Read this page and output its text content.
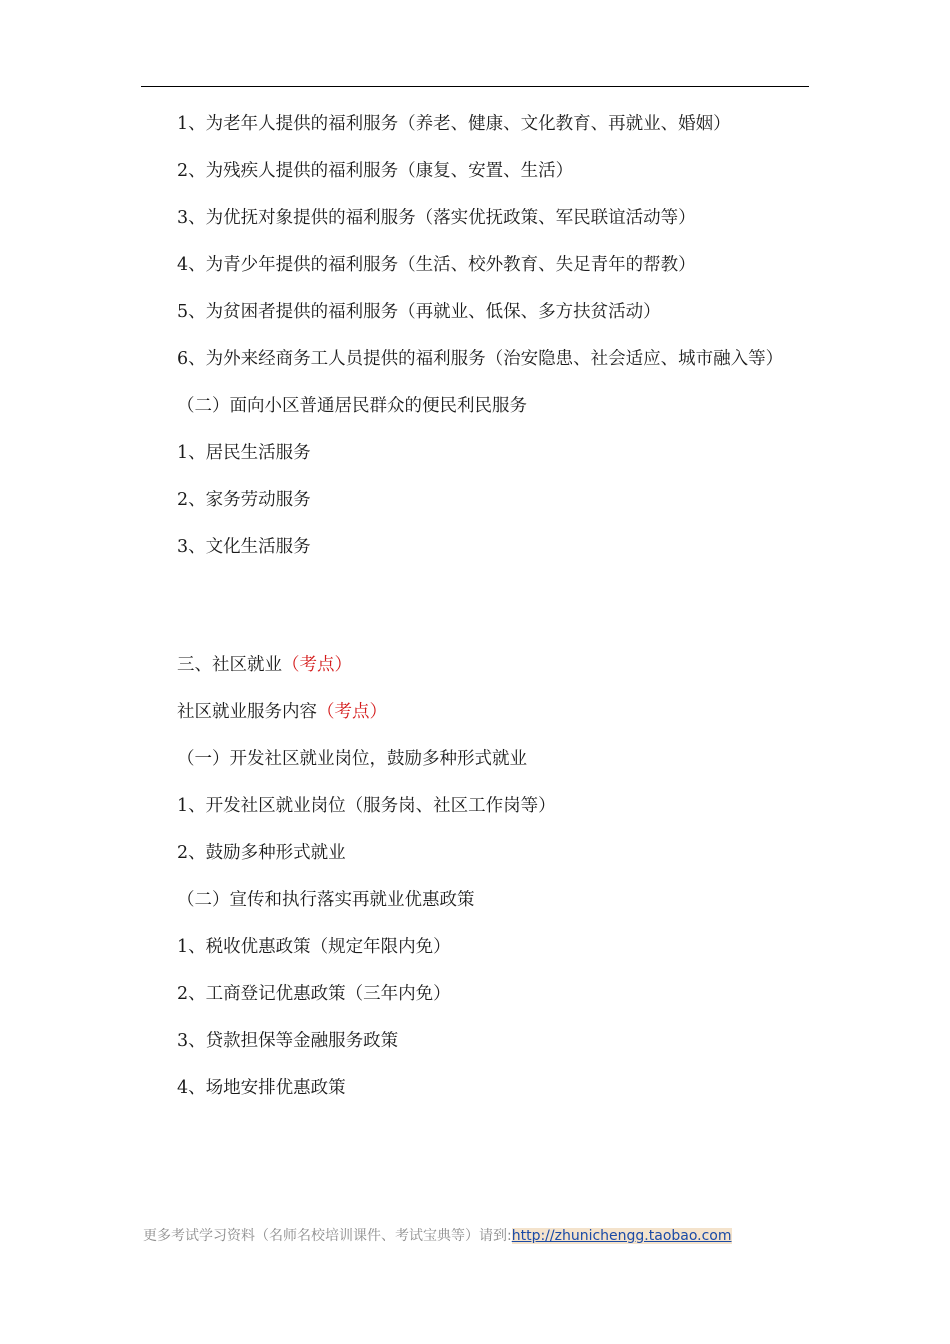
1、为老年人提供的福利服务（养老、健康、文化教育、再就业、婚姻）

2、为残疾人提供的福利服务（康复、安置、生活）

3、为优抚对象提供的福利服务（落实优抚政策、军民联谊活动等）

4、为青少年提供的福利服务（生活、校外教育、失足青年的帮教）

5、为贫困者提供的福利服务（再就业、低保、多方扶贫活动）

6、为外来经商务工人员提供的福利服务（治安隐患、社会适应、城市融入等）

（二）面向小区普通居民群众的便民利民服务

1、居民生活服务

2、家务劳动服务

3、文化生活服务

三、社区就业（考点）

社区就业服务内容（考点）

（一）开发社区就业岗位，鼓励多种形式就业

1、开发社区就业岗位（服务岗、社区工作岗等）

2、鼓励多种形式就业

（二）宣传和执行落实再就业优惠政策

1、税收优惠政策（规定年限内免）

2、工商登记优惠政策（三年内免）

3、贷款担保等金融服务政策

4、场地安排优惠政策

更多考试学习资料（名师名校培训课件、考试宝典等）请到:http://zhunichengg.taobao.com
